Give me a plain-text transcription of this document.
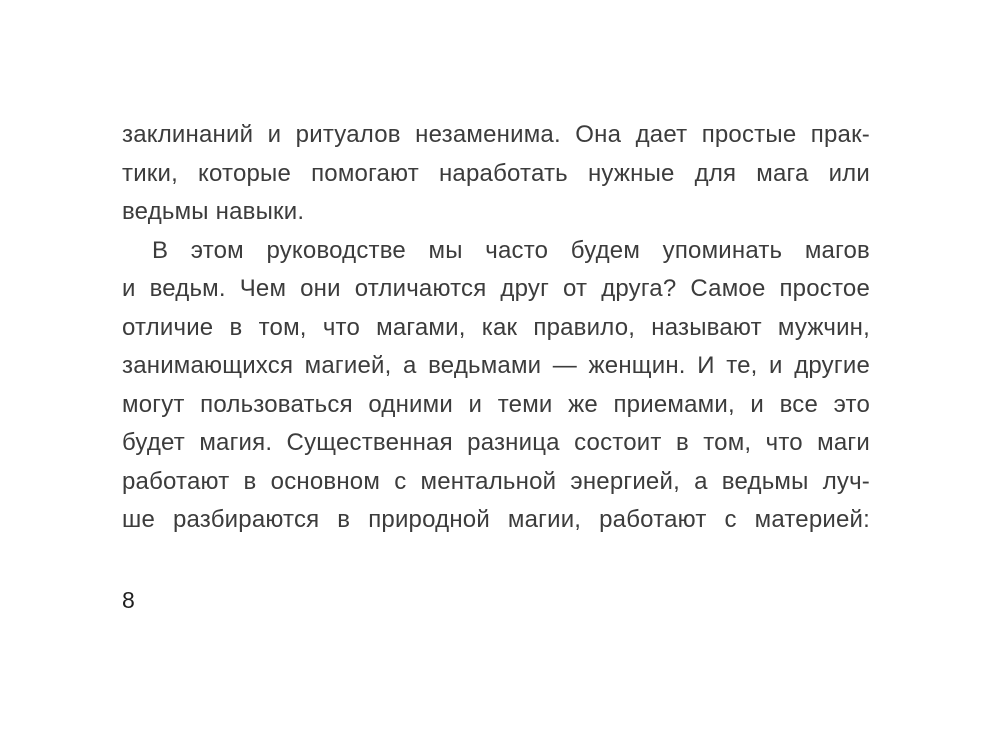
заклинаний и ритуалов незаменима. Она дает простые прак-

тики, которые помогают наработать нужные для мага или

ведьмы навыки.

В этом руководстве мы часто будем упоминать магов

и ведьм. Чем они отличаются друг от друга? Самое простое

отличие в том, что магами, как правило, называют мужчин,

занимающихся магией, а ведьмами — женщин. И те, и другие

могут пользоваться одними и теми же приемами, и все это

будет магия. Существенная разница состоит в том, что маги

работают в основном с ментальной энергией, а ведьмы луч-

ше разбираются в природной магии, работают с материей:

8
